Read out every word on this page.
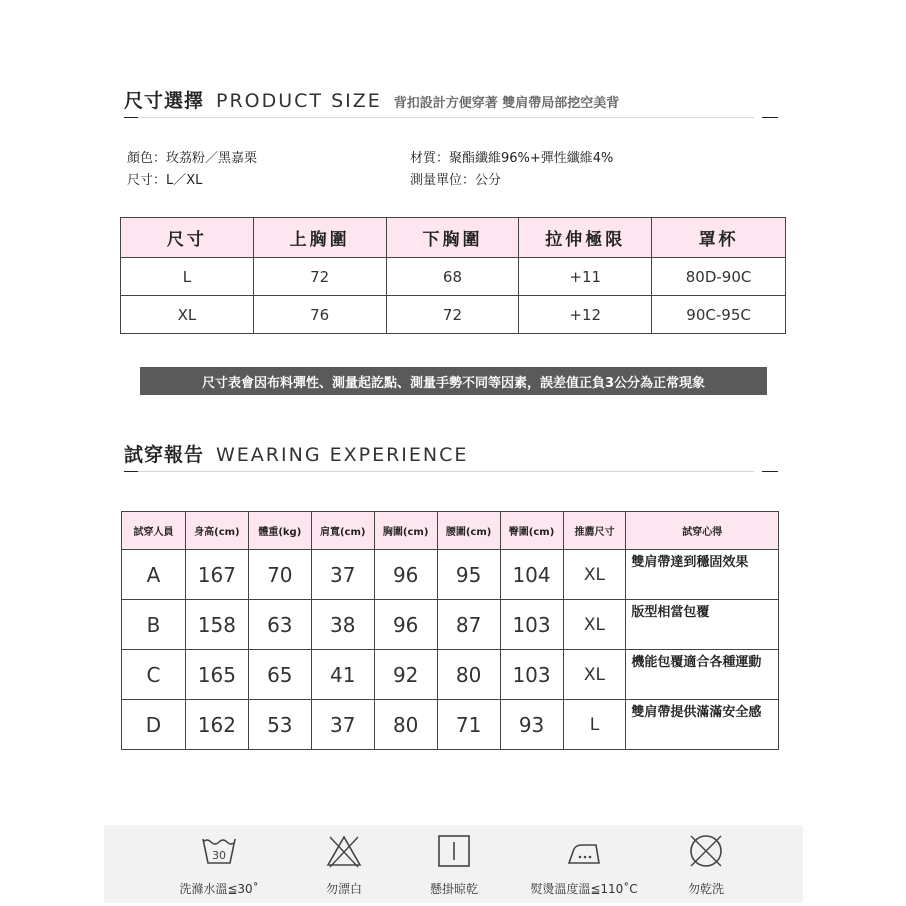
尺寸選擇 PRODUCT SIZE 背扣設計方便穿著 雙肩帶局部挖空美背
顏色：玫荔粉／黑嘉栗
尺寸：L／XL
材質：聚酯纖維96%+彈性纖維4%
測量單位：公分
尺寸	上胸圍	下胸圍	拉伸極限	罩杯
L	72	68	+11	80D-90C
XL	76	72	+12	90C-95C
尺寸表會因布料彈性、測量起訖點、測量手勢不同等因素，誤差值正負3公分為正常現象
試穿報告 WEARING EXPERIENCE
試穿人員	身高(cm)	體重(kg)	肩寬(cm)	胸圍(cm)	腰圍(cm)	臀圍(cm)	推薦尺寸	試穿心得
A	167	70	37	96	95	104	XL	雙肩帶達到穩固效果
B	158	63	38	96	87	103	XL	版型相當包覆
C	165	65	41	92	80	103	XL	機能包覆適合各種運動
D	162	53	37	80	71	93	L	雙肩帶提供滿滿安全感
30
洗滌水溫≦30˚	勿漂白	懸掛晾乾	熨燙溫度溫≦110˚C	勿乾洗
